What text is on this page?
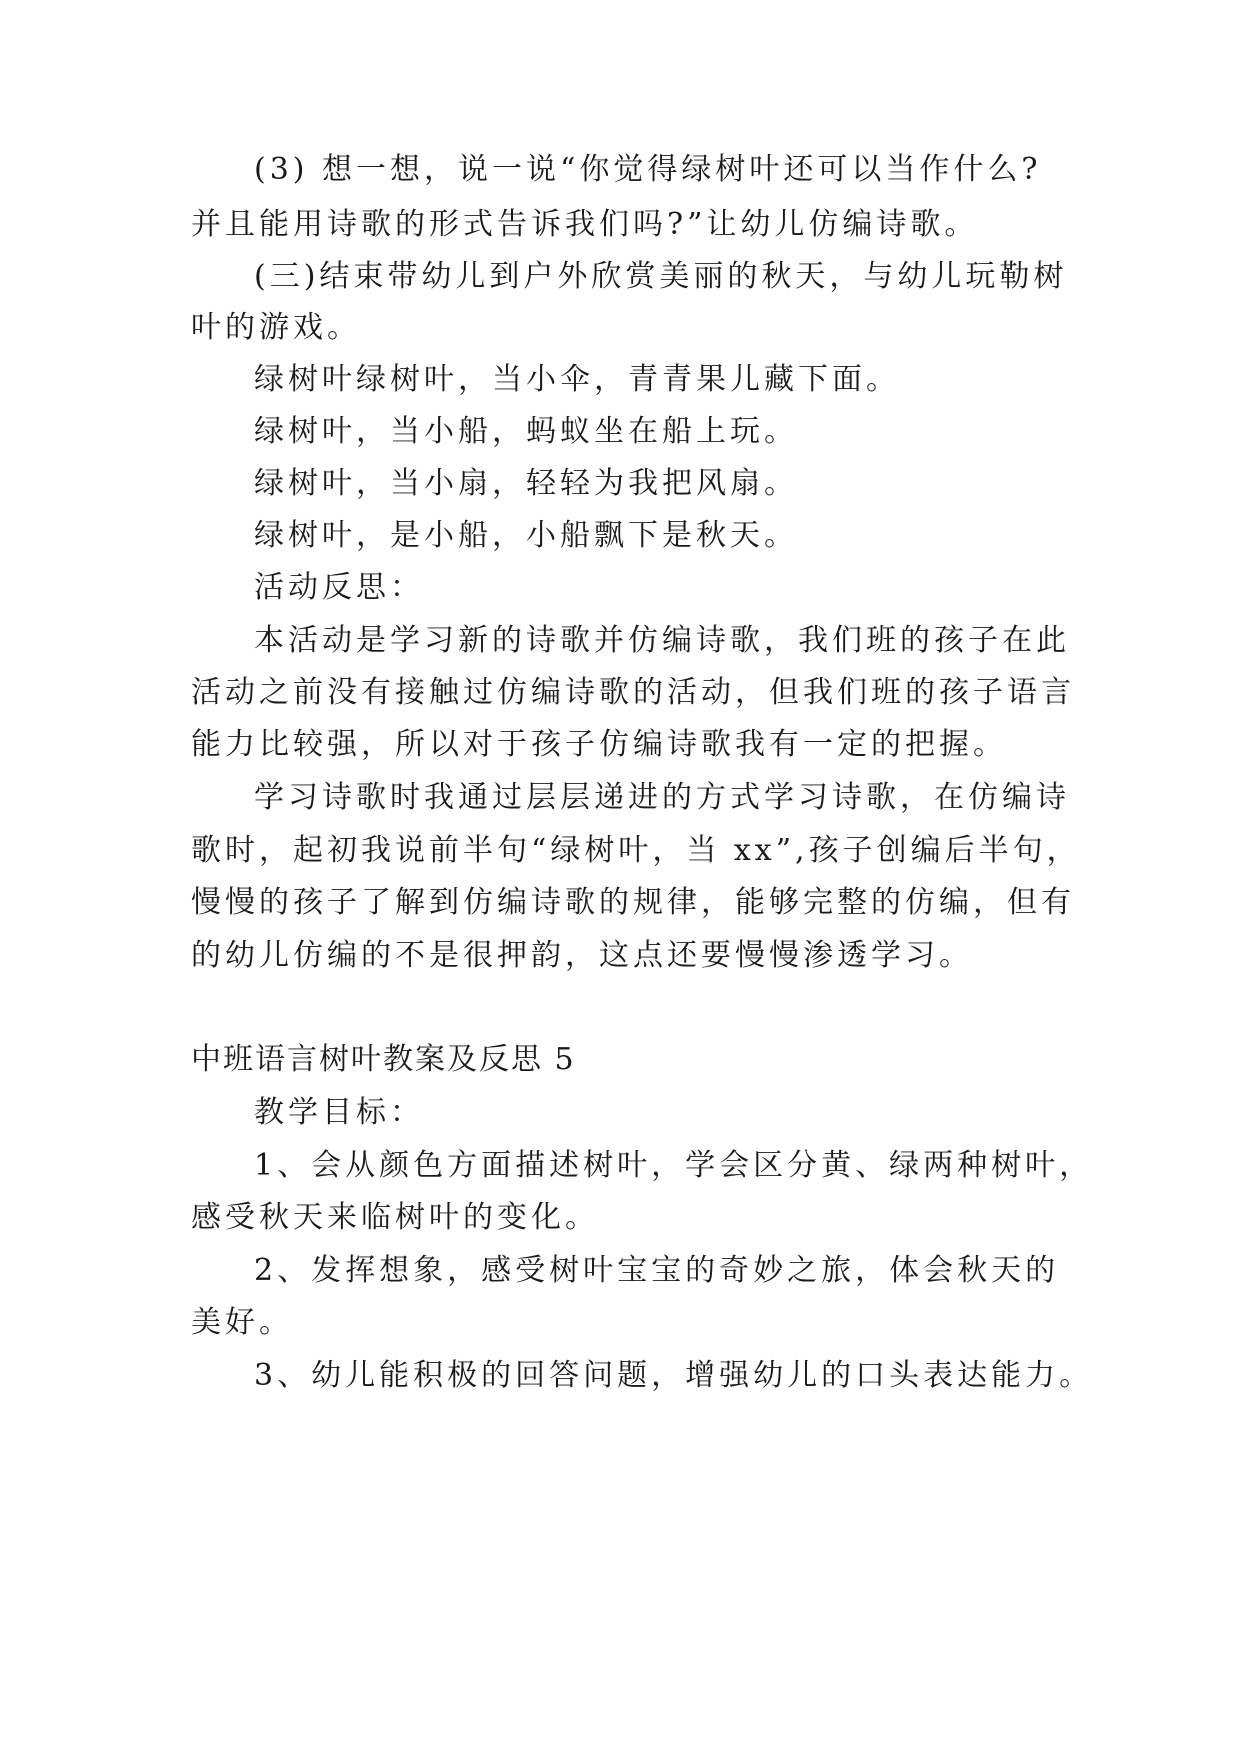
(3) 想一想，说一说“你觉得绿树叶还可以当作什么?
并且能用诗歌的形式告诉我们吗?”让幼儿仿编诗歌。
(三)结束带幼儿到户外欣赏美丽的秋天，与幼儿玩勒树
叶的游戏。
绿树叶绿树叶，当小伞，青青果儿藏下面。
绿树叶，当小船，蚂蚁坐在船上玩。
绿树叶，当小扇，轻轻为我把风扇。
绿树叶，是小船，小船飘下是秋天。
活动反思：
本活动是学习新的诗歌并仿编诗歌，我们班的孩子在此
活动之前没有接触过仿编诗歌的活动，但我们班的孩子语言
能力比较强，所以对于孩子仿编诗歌我有一定的把握。
学习诗歌时我通过层层递进的方式学习诗歌，在仿编诗
歌时，起初我说前半句“绿树叶，当 xx”,孩子创编后半句，
慢慢的孩子了解到仿编诗歌的规律，能够完整的仿编，但有
的幼儿仿编的不是很押韵，这点还要慢慢渗透学习。
中班语言树叶教案及反思 5
教学目标：
1、会从颜色方面描述树叶，学会区分黄、绿两种树叶，
感受秋天来临树叶的变化。
2、发挥想象，感受树叶宝宝的奇妙之旅，体会秋天的
美好。
3、幼儿能积极的回答问题，增强幼儿的口头表达能力。
